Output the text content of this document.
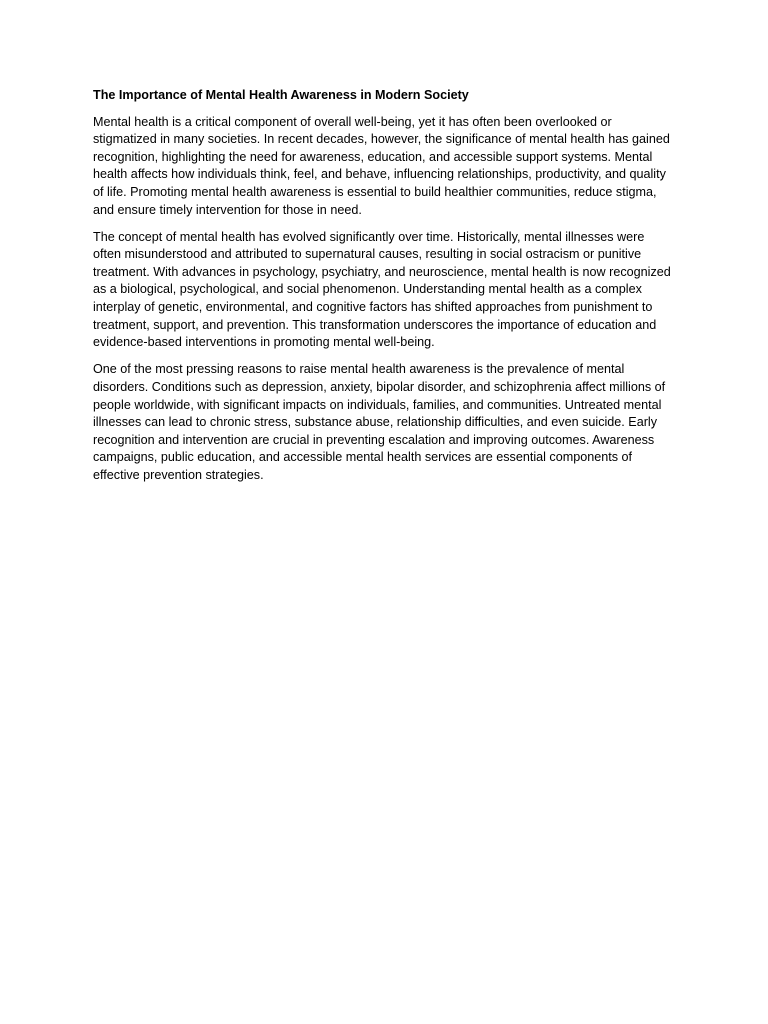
The Importance of Mental Health Awareness in Modern Society

Mental health is a critical component of overall well-being, yet it has often been overlooked or stigmatized in many societies. In recent decades, however, the significance of mental health has gained recognition, highlighting the need for awareness, education, and accessible support systems. Mental health affects how individuals think, feel, and behave, influencing relationships, productivity, and quality of life. Promoting mental health awareness is essential to build healthier communities, reduce stigma, and ensure timely intervention for those in need.

The concept of mental health has evolved significantly over time. Historically, mental illnesses were often misunderstood and attributed to supernatural causes, resulting in social ostracism or punitive treatment. With advances in psychology, psychiatry, and neuroscience, mental health is now recognized as a biological, psychological, and social phenomenon. Understanding mental health as a complex interplay of genetic, environmental, and cognitive factors has shifted approaches from punishment to treatment, support, and prevention. This transformation underscores the importance of education and evidence-based interventions in promoting mental well-being.

One of the most pressing reasons to raise mental health awareness is the prevalence of mental disorders. Conditions such as depression, anxiety, bipolar disorder, and schizophrenia affect millions of people worldwide, with significant impacts on individuals, families, and communities. Untreated mental illnesses can lead to chronic stress, substance abuse, relationship difficulties, and even suicide. Early recognition and intervention are crucial in preventing escalation and improving outcomes. Awareness campaigns, public education, and accessible mental health services are essential components of effective prevention strategies.
